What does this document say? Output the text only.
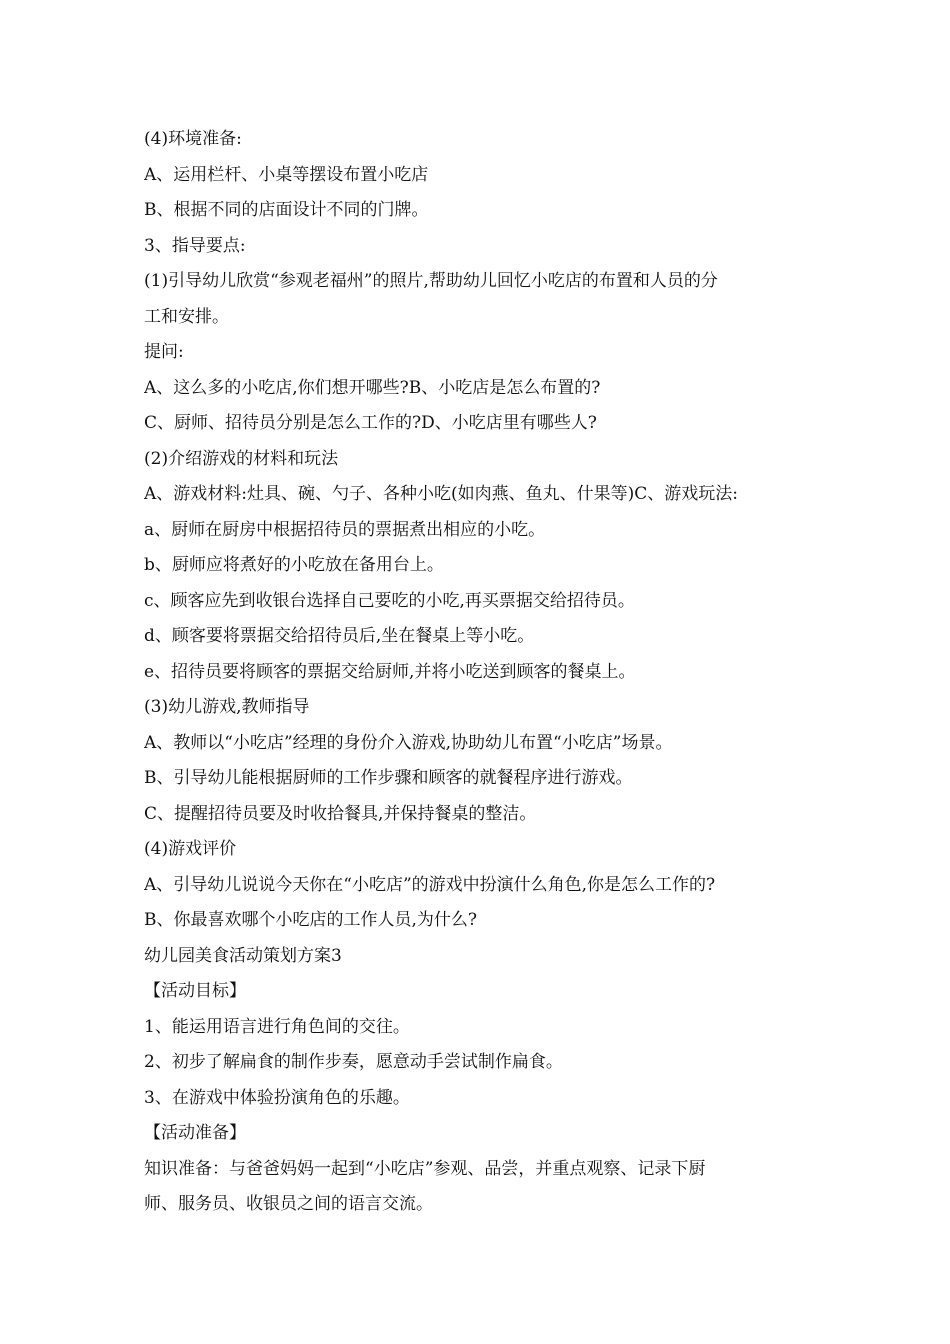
(4)环境准备:
A、运用栏杆、小桌等摆设布置小吃店
B、根据不同的店面设计不同的门牌。
3、指导要点:
(1)引导幼儿欣赏“参观老福州”的照片,帮助幼儿回忆小吃店的布置和人员的分
工和安排。
提问:
A、这么多的小吃店,你们想开哪些?B、小吃店是怎么布置的?
C、厨师、招待员分别是怎么工作的?D、小吃店里有哪些人?
(2)介绍游戏的材料和玩法
A、游戏材料:灶具、碗、勺子、各种小吃(如肉燕、鱼丸、什果等)C、游戏玩法:
a、厨师在厨房中根据招待员的票据煮出相应的小吃。
b、厨师应将煮好的小吃放在备用台上。
c、顾客应先到收银台选择自己要吃的小吃,再买票据交给招待员。
d、顾客要将票据交给招待员后,坐在餐桌上等小吃。
e、招待员要将顾客的票据交给厨师,并将小吃送到顾客的餐桌上。
(3)幼儿游戏,教师指导
A、教师以“小吃店”经理的身份介入游戏,协助幼儿布置“小吃店”场景。
B、引导幼儿能根据厨师的工作步骤和顾客的就餐程序进行游戏。
C、提醒招待员要及时收拾餐具,并保持餐桌的整洁。
(4)游戏评价
A、引导幼儿说说今天你在“小吃店”的游戏中扮演什么角色,你是怎么工作的?
B、你最喜欢哪个小吃店的工作人员,为什么?
幼儿园美食活动策划方案3
【活动目标】
1、能运用语言进行角色间的交往。
2、初步了解扁食的制作步奏，愿意动手尝试制作扁食。
3、在游戏中体验扮演角色的乐趣。
【活动准备】
知识准备：与爸爸妈妈一起到“小吃店”参观、品尝，并重点观察、记录下厨
师、服务员、收银员之间的语言交流。
